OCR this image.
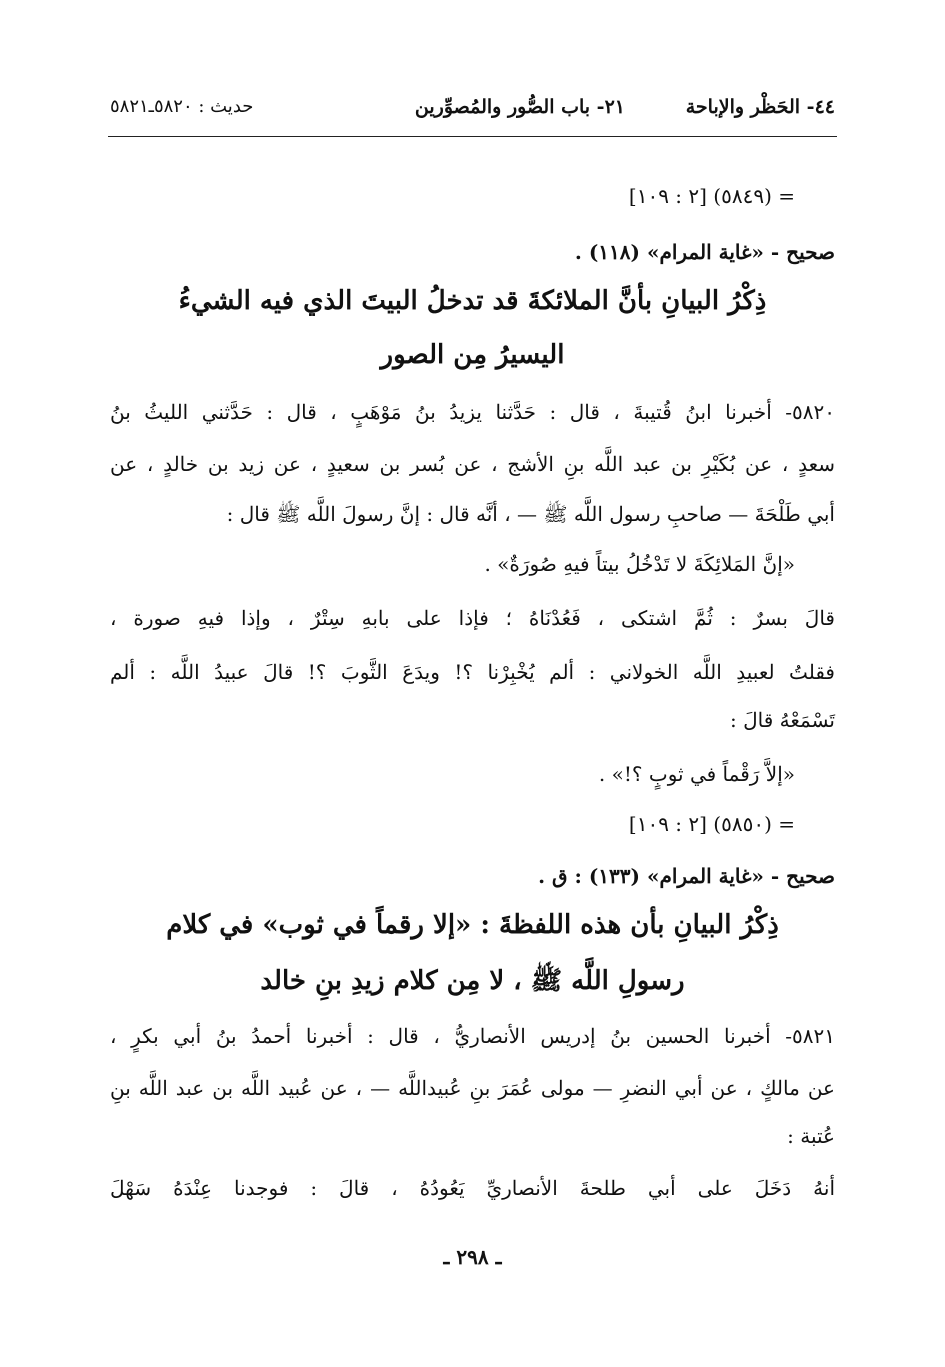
٤٤- الحَظْر والإباحة
٢١- باب الصُّور والمُصوِّرين
حديث : ٥٨٢٠ـ٥٨٢١
= (٥٨٤٩) [٢ : ١٠٩]
صحيح - «غاية المرام» (١١٨) .
ذِكْرُ البيانِ بأنَّ الملائكةَ قد تدخلُ البيتَ الذي فيه الشيءُ
اليسيرُ مِن الصور
٥٨٢٠- أخبرنا ابنُ قُتيبةَ ، قال : حَدَّثنا يزيدُ بنُ مَوْهَبٍ ، قال : حَدَّثني الليثُ بنُ
سعدٍ ، عن بُكَيْرِ بن عبد اللَّه بنِ الأشج ، عن بُسر بن سعيدٍ ، عن زيد بن خالدٍ ، عن
أبي طَلْحَةَ — صاحبِ رسول اللَّه ﷺ — ، أنَّه قال : إنَّ رسولَ اللَّه ﷺ قال :
«إنَّ المَلائِكَةَ لا تَدْخُلُ بيتاً فيهِ صُورَةٌ» .
قالَ بسرٌ : ثُمَّ اشتكى ، فَعُدْنَاهُ ؛ فإذا على بابهِ سِتْرٌ ، وإذا فيهِ صورة ،
فقلتُ لعبيدِ اللَّه الخولاني : ألم يُخْبِرْنا ؟! ويدَعَ الثَّوبَ ؟! قالَ عبيدُ اللَّه : ألم
تَسْمَعْهُ قالَ :
«إلاَّ رَقْماً في ثوبٍ ؟!» .
= (٥٨٥٠) [٢ : ١٠٩]
صحيح - «غاية المرام» (١٣٣) : ق .
ذِكْرُ البيانِ بأن هذه اللفظةَ : «إلا رقماً في ثوب» في كلام
رسولِ اللَّه ﷺ ، لا مِن كلام زيدِ بنِ خالد
٥٨٢١- أخبرنا الحسين بنُ إدريس الأنصاريُّ ، قال : أخبرنا أحمدُ بنُ أبي بكرٍ ،
عن مالكٍ ، عن أبي النضرِ — مولى عُمَرَ بنِ عُبيداللَّه — ، عن عُبيد اللَّه بن عبد اللَّه بنِ
عُتبة :
أنهُ دَخَلَ على أبي طلحةَ الأنصاريِّ يَعُودُهُ ، قالَ : فوجدنا عِنْدَهُ سَهْلَ
ـ ٢٩٨ ـ
